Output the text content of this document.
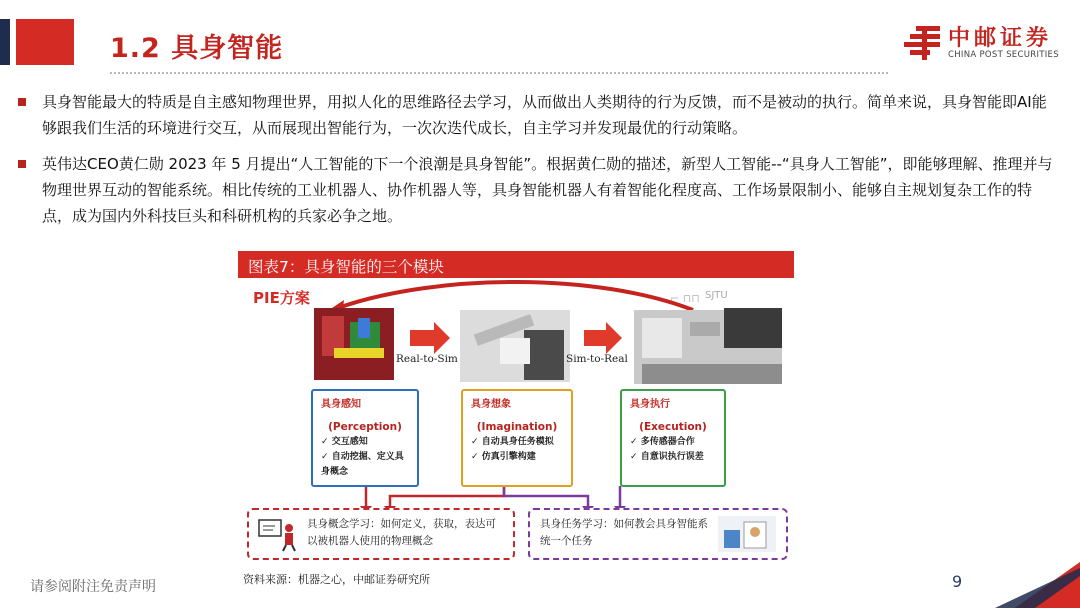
1.2 具身智能	中邮证券
CHINA POST SECURITIES
具身智能最大的特质是自主感知物理世界，用拟人化的思维路径去学习，从而做出人类期待的行为反馈，而不是被动的执行。简单来说，具身智能即AI能够跟我们生活的环境进行交互，从而展现出智能行为，一次次迭代成长，自主学习并发现最优的行动策略。
英伟达CEO黄仁勋 2023 年 5 月提出“人工智能的下一个浪潮是具身智能”。根据黄仁勋的描述，新型人工智能--“具身人工智能”，即能够理解、推理并与物理世界互动的智能系统。相比传统的工业机器人、协作机器人等，具身智能机器人有着智能化程度高、工作场景限制小、能够自主规划复杂工作的特点，成为国内外科技巨头和科研机构的兵家必争之地。
图表7：具身智能的三个模块
⌐ ⊓⊓
PIE方案	SJTU
Real-to-Sim	Sim-to-Real
具身感知
(Perception)
✓ 交互感知
✓ 自动挖掘、定义具身概念
具身想象
(Imagination)
✓ 自动具身任务模拟
✓ 仿真引擎构建
具身执行
(Execution)
✓ 多传感器合作
✓ 自意识执行误差
具身概念学习：如何定义，获取，表达可以被机器人使用的物理概念
具身任务学习：如何教会具身智能系统一个任务
资料来源：机器之心，中邮证券研究所
请参阅附注免责声明	9
